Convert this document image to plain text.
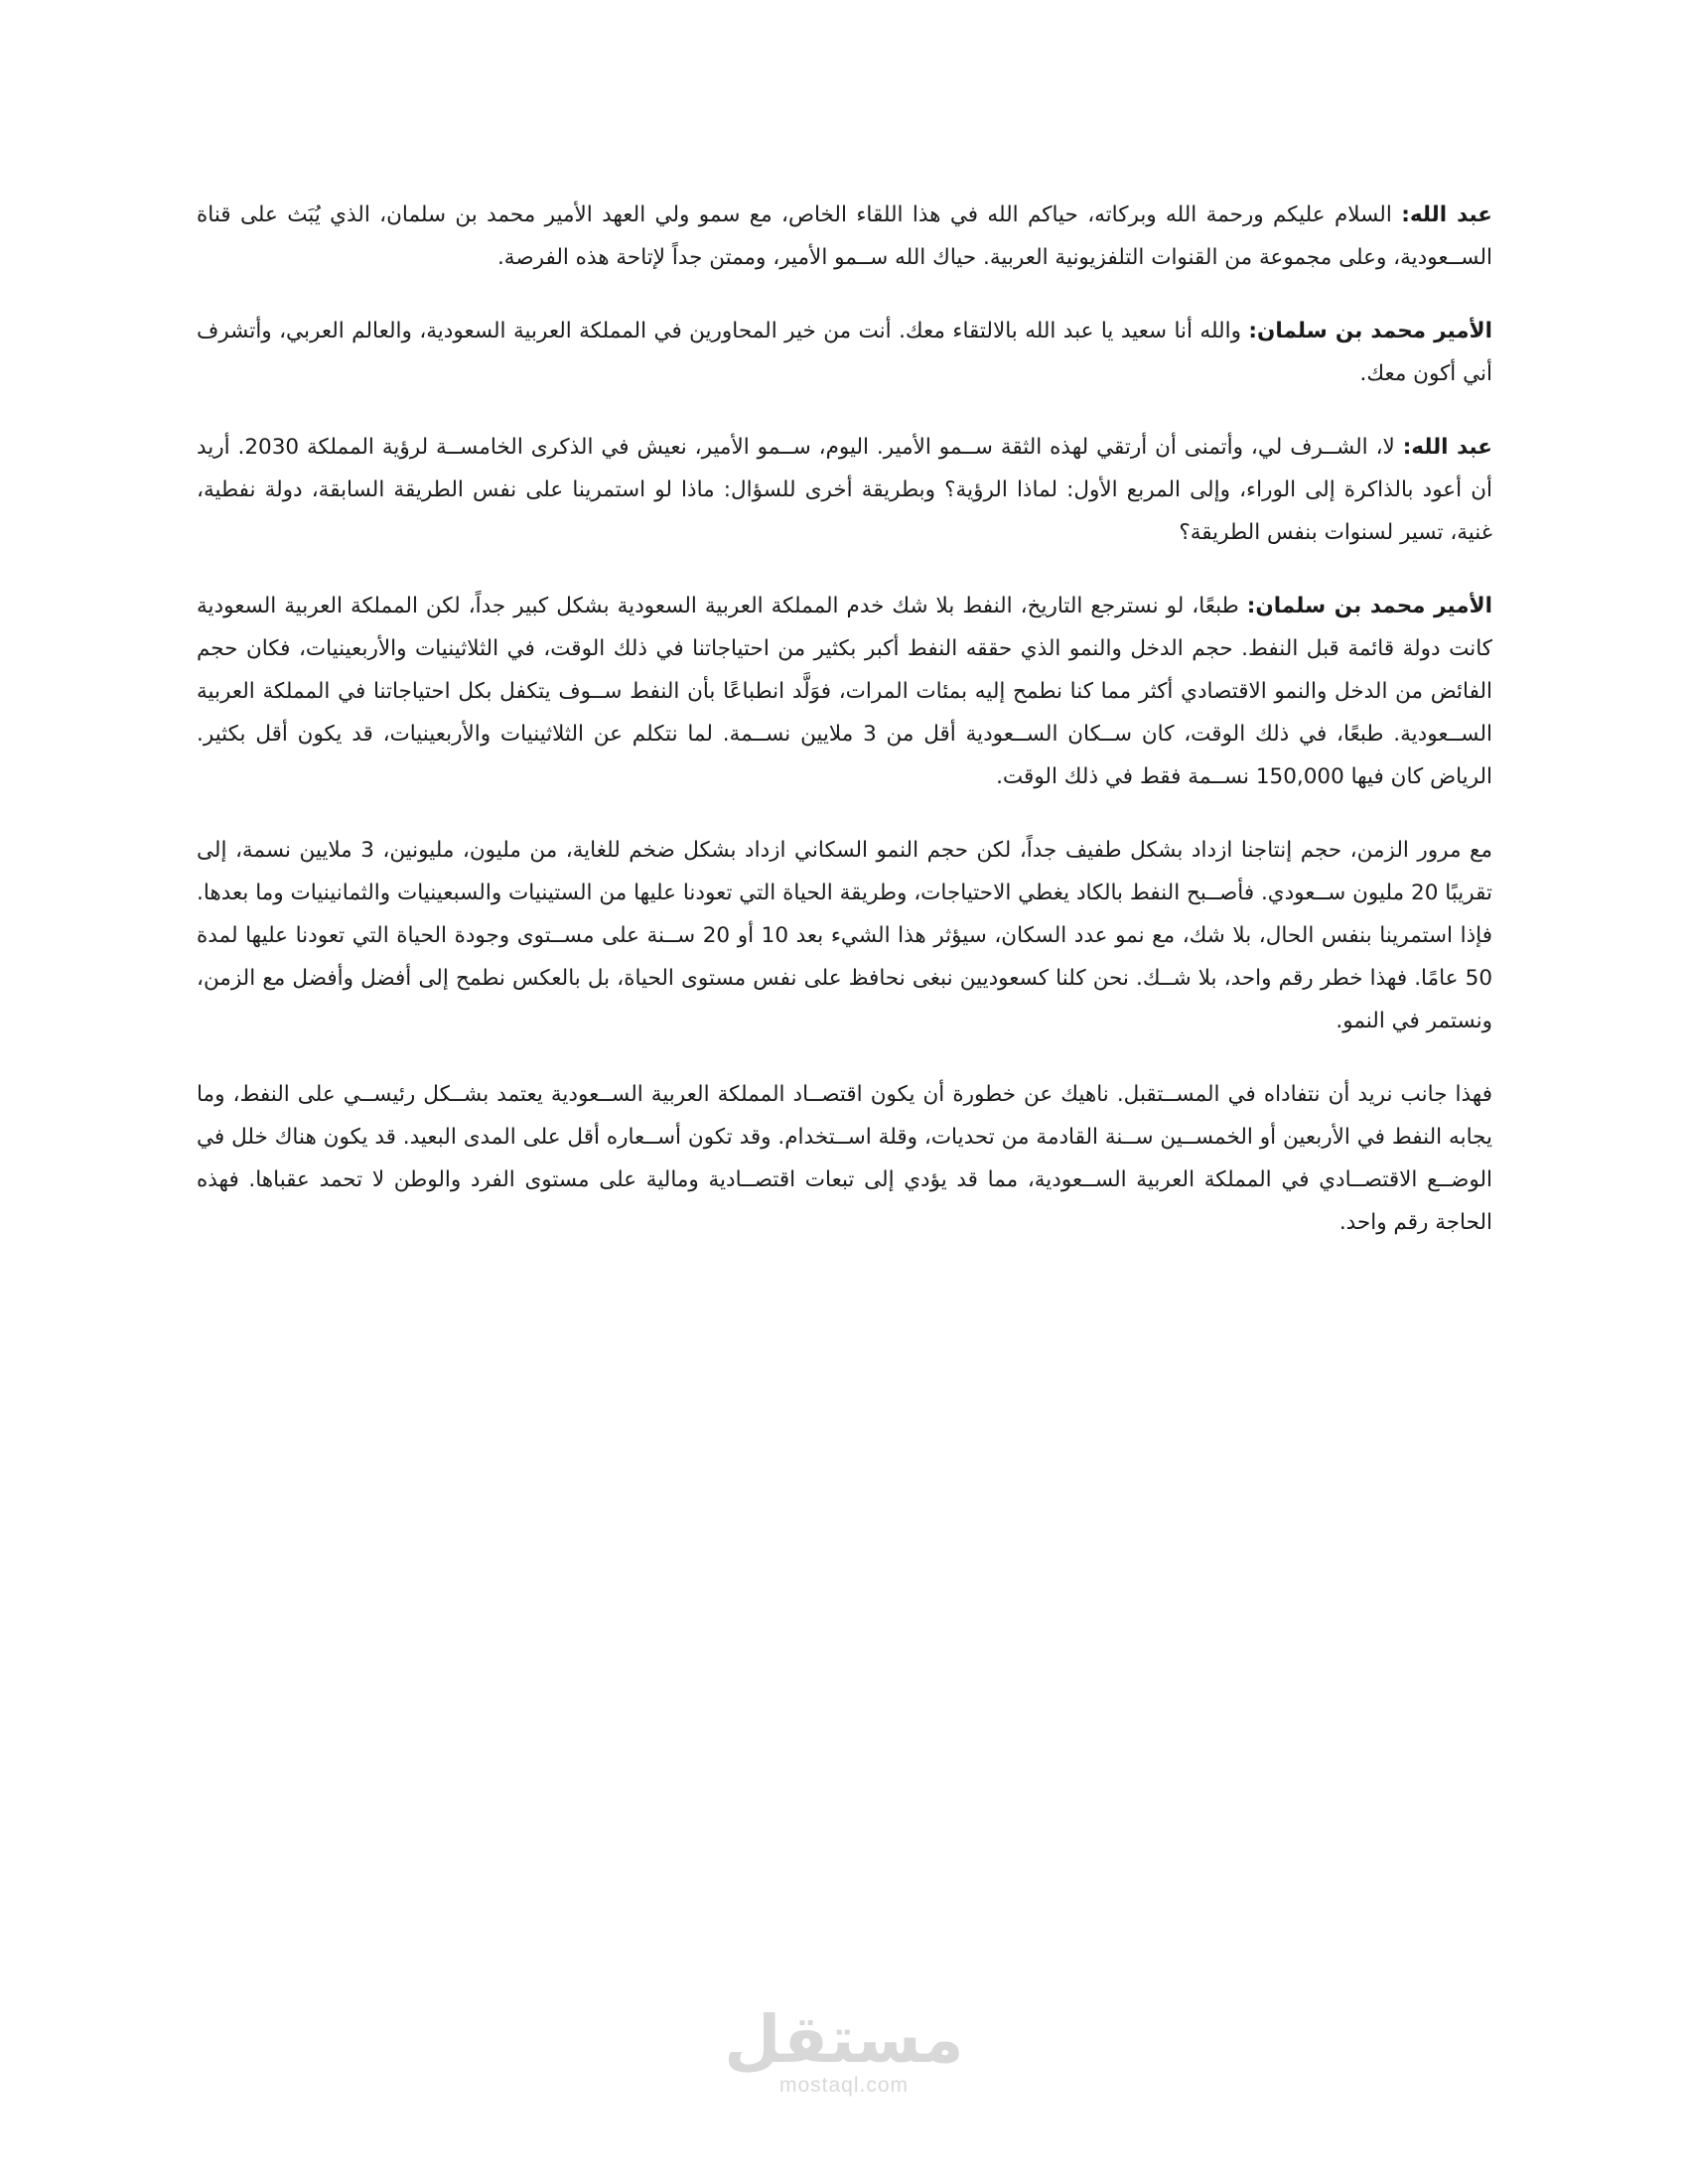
عبد الله: السلام عليكم ورحمة الله وبركاته، حياكم الله في هذا اللقاء الخاص، مع سمو ولي العهد الأمير محمد بن سلمان، الذي يُبَث على قناة الســعودية، وعلى مجموعة من القنوات التلفزيونية العربية. حياك الله ســمو الأمير، وممتن جداً لإتاحة هذه الفرصة.

الأمير محمد بن سلمان: والله أنا سعيد يا عبد الله بالالتقاء معك. أنت من خير المحاورين في المملكة العربية السعودية، والعالم العربي، وأتشرف أني أكون معك.

عبد الله: لا، الشــرف لي، وأتمنى أن أرتقي لهذه الثقة ســمو الأمير. اليوم، ســمو الأمير، نعيش في الذكرى الخامســة لرؤية المملكة 2030. أريد أن أعود بالذاكرة إلى الوراء، وإلى المربع الأول: لماذا الرؤية؟ وبطريقة أخرى للسؤال: ماذا لو استمرينا على نفس الطريقة السابقة، دولة نفطية، غنية، تسير لسنوات بنفس الطريقة؟

الأمير محمد بن سلمان: طبعًا، لو نسترجع التاريخ، النفط بلا شك خدم المملكة العربية السعودية بشكل كبير جداً، لكن المملكة العربية السعودية كانت دولة قائمة قبل النفط. حجم الدخل والنمو الذي حققه النفط أكبر بكثير من احتياجاتنا في ذلك الوقت، في الثلاثينيات والأربعينيات، فكان حجم الفائض من الدخل والنمو الاقتصادي أكثر مما كنا نطمح إليه بمئات المرات، فوَلَّد انطباعًا بأن النفط ســوف يتكفل بكل احتياجاتنا في المملكة العربية الســعودية. طبعًا، في ذلك الوقت، كان ســكان الســعودية أقل من 3 ملايين نســمة. لما نتكلم عن الثلاثينيات والأربعينيات، قد يكون أقل بكثير. الرياض كان فيها 150,000 نســمة فقط في ذلك الوقت.

مع مرور الزمن، حجم إنتاجنا ازداد بشكل طفيف جداً، لكن حجم النمو السكاني ازداد بشكل ضخم للغاية، من مليون، مليونين، 3 ملايين نسمة، إلى تقريبًا 20 مليون ســعودي. فأصــبح النفط بالكاد يغطي الاحتياجات، وطريقة الحياة التي تعودنا عليها من الستينيات والسبعينيات والثمانينيات وما بعدها. فإذا استمرينا بنفس الحال، بلا شك، مع نمو عدد السكان، سيؤثر هذا الشيء بعد 10 أو 20 ســنة على مســتوى وجودة الحياة التي تعودنا عليها لمدة 50 عامًا. فهذا خطر رقم واحد، بلا شــك. نحن كلنا كسعوديين نبغى نحافظ على نفس مستوى الحياة، بل بالعكس نطمح إلى أفضل وأفضل مع الزمن، ونستمر في النمو.

فهذا جانب نريد أن نتفاداه في المســتقبل. ناهيك عن خطورة أن يكون اقتصــاد المملكة العربية الســعودية يعتمد بشــكل رئيســي على النفط، وما يجابه النفط في الأربعين أو الخمســين ســنة القادمة من تحديات، وقلة اســتخدام. وقد تكون أســعاره أقل على المدى البعيد. قد يكون هناك خلل في الوضــع الاقتصــادي في المملكة العربية الســعودية، مما قد يؤدي إلى تبعات اقتصــادية ومالية على مستوى الفرد والوطن لا تحمد عقباها. فهذه الحاجة رقم واحد.

مستقل
mostaql.com
